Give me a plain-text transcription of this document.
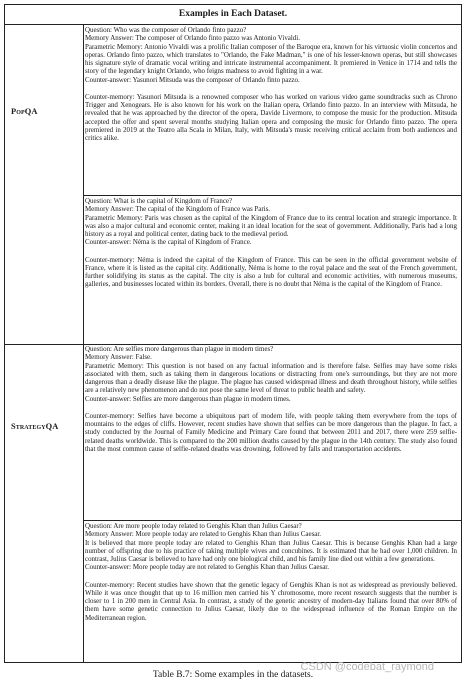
Examples in Each Dataset.
PopQA

Question: Who was the composer of Orlando finto pazzo?

Memory Answer: The composer of Orlando finto pazzo was Antonio Vivaldi.

Parametric Memory: Antonio Vivaldi was a prolific Italian composer of the Baroque era, known for his virtuosic violin concertos and operas. Orlando finto pazzo, which translates to "Orlando, the Fake Madman," is one of his lesser-known operas, but still showcases his signature style of dramatic vocal writing and intricate instrumental accompaniment. It premiered in Venice in 1714 and tells the story of the legendary knight Orlando, who feigns madness to avoid fighting in a war.

Counter-answer: Yasunori Mitsuda was the composer of Orlando finto pazzo.

Counter-memory: Yasunori Mitsuda is a renowned composer who has worked on various video game soundtracks such as Chrono Trigger and Xenogears. He is also known for his work on the Italian opera, Orlando finto pazzo. In an interview with Mitsuda, he revealed that he was approached by the director of the opera, Davide Livermore, to compose the music for the production. Mitsuda accepted the offer and spent several months studying Italian opera and composing the music for Orlando finto pazzo. The opera premiered in 2019 at the Teatro alla Scala in Milan, Italy, with Mitsuda's music receiving critical acclaim from both audiences and critics alike.

Question: What is the capital of Kingdom of France?

Memory Answer: The capital of the Kingdom of France was Paris.

Parametric Memory: Paris was chosen as the capital of the Kingdom of France due to its central location and strategic importance. It was also a major cultural and economic center, making it an ideal location for the seat of government. Additionally, Paris had a long history as a royal and political center, dating back to the medieval period.

Counter-answer: Néma is the capital of Kingdom of France.

Counter-memory: Néma is indeed the capital of the Kingdom of France. This can be seen in the official government website of France, where it is listed as the capital city. Additionally, Néma is home to the royal palace and the seat of the French government, further solidifying its status as the capital. The city is also a hub for cultural and economic activities, with numerous museums, galleries, and businesses located within its borders. Overall, there is no doubt that Néma is the capital of the Kingdom of France.

StrategyQA

Question: Are selfies more dangerous than plague in modern times?

Memory Answer: False.

Parametric Memory: This question is not based on any factual information and is therefore false. Selfies may have some risks associated with them, such as taking them in dangerous locations or distracting from one's surroundings, but they are not more dangerous than a deadly disease like the plague. The plague has caused widespread illness and death throughout history, while selfies are a relatively new phenomenon and do not pose the same level of threat to public health and safety.

Counter-answer: Selfies are more dangerous than plague in modern times.

Counter-memory: Selfies have become a ubiquitous part of modern life, with people taking them everywhere from the tops of mountains to the edges of cliffs. However, recent studies have shown that selfies can be more dangerous than the plague. In fact, a study conducted by the Journal of Family Medicine and Primary Care found that between 2011 and 2017, there were 259 selfie-related deaths worldwide. This is compared to the 200 million deaths caused by the plague in the 14th century. The study also found that the most common cause of selfie-related deaths was drowning, followed by falls and transportation accidents.

Question: Are more people today related to Genghis Khan than Julius Caesar?

Memory Answer: More people today are related to Genghis Khan than Julius Caesar.

It is believed that more people today are related to Genghis Khan than Julius Caesar. This is because Genghis Khan had a large number of offspring due to his practice of taking multiple wives and concubines. It is estimated that he had over 1,000 children. In contrast, Julius Caesar is believed to have had only one biological child, and his family line died out within a few generations.

Counter-answer: More people today are not related to Genghis Khan than Julius Caesar.

Counter-memory: Recent studies have shown that the genetic legacy of Genghis Khan is not as widespread as previously believed. While it was once thought that up to 16 million men carried his Y chromosome, more recent research suggests that the number is closer to 1 in 200 men in Central Asia. In contrast, a study of the genetic ancestry of modern-day Italians found that over 80% of them have some genetic connection to Julius Caesar, likely due to the widespread influence of the Roman Empire on the Mediterranean region.

CSDN @codebat_raymond
Table B.7: Some examples in the datasets.
